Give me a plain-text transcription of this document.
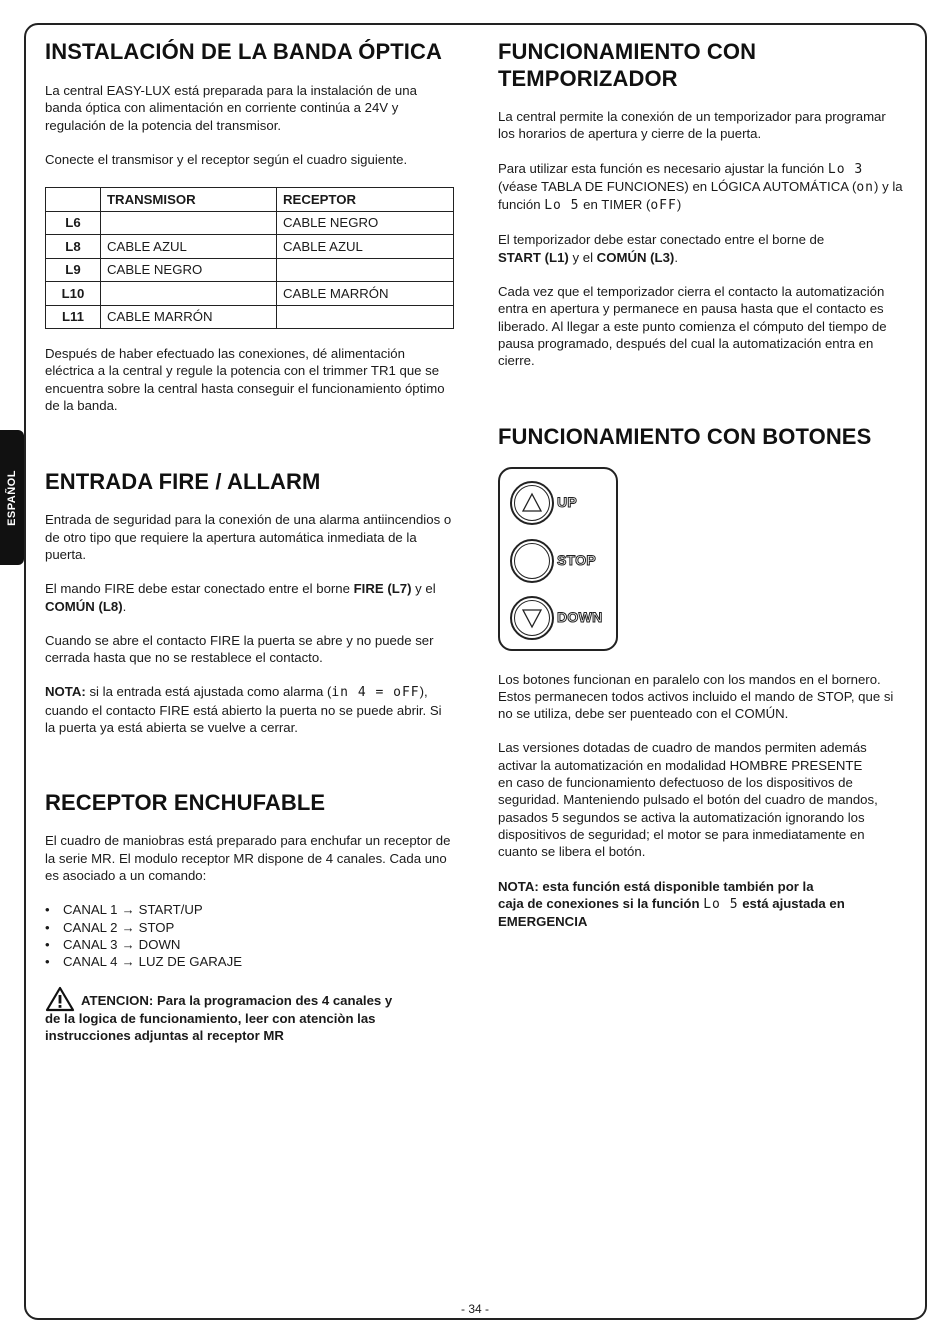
ESPAÑOL
INSTALACIÓN DE LA BANDA ÓPTICA

La central EASY-LUX está preparada para la instalación de una banda óptica con alimentación en corriente continúa a 24V y regulación de la potencia del transmisor.

Conecte el transmisor y el receptor según el cuadro siguiente.

	TRANSMISOR	RECEPTOR
L6		CABLE NEGRO
L8	CABLE AZUL	CABLE AZUL
L9	CABLE NEGRO	
L10		CABLE MARRÓN
L11	CABLE MARRÓN	

Después de haber efectuado las conexiones, dé alimentación eléctrica a la central y regule la potencia con el trimmer TR1 que se encuentra sobre la central hasta conseguir el funcionamiento óptimo de la banda.

ENTRADA FIRE / ALLARM

Entrada de seguridad para la conexión de una alarma antiincendios o de otro tipo que requiere la apertura automática inmediata de la puerta.

El mando FIRE debe estar conectado entre el borne FIRE (L7) y el COMÚN (L8).

Cuando se abre el contacto FIRE la puerta se abre y no puede ser cerrada hasta que no se restablece el contacto.

NOTA: si la entrada está ajustada como alarma (in 4 = oFF), cuando el contacto FIRE está abierto la puerta no se puede abrir. Si la puerta ya está abierta se vuelve a cerrar.

RECEPTOR ENCHUFABLE

El cuadro de maniobras está preparado para enchufar un receptor de la serie MR. El modulo receptor MR dispone de 4 canales. Cada uno es asociado a un comando:

•	CANAL 1 → START/UP
•	CANAL 2 → STOP
•	CANAL 3 → DOWN
•	CANAL 4 → LUZ DE GARAJE

ATENCION: Para la programacion des 4 canales y

de la logica de funcionamiento, leer con atenciòn las

instrucciones adjuntas al receptor MR

FUNCIONAMIENTO CON
TEMPORIZADOR

La central permite la conexión de un temporizador para programar los horarios de apertura y cierre de la puerta.

Para utilizar esta función es necesario ajustar la función Lo 3 (véase TABLA DE FUNCIONES) en LÓGICA AUTOMÁTICA (on) y la función Lo 5 en TIMER (oFF)

El temporizador debe estar conectado entre el borne de
START (L1) y el COMÚN (L3).

Cada vez que el temporizador cierra el contacto la automatización entra en apertura y permanece en pausa hasta que el contacto es liberado. Al llegar a este punto comienza el cómputo del tiempo de pausa programado, después del cual la automatización entra en cierre.

FUNCIONAMIENTO CON BOTONES
UP
STOP
DOWN

Los botones funcionan en paralelo con los mandos en el bornero. Estos permanecen todos activos incluido el mando de STOP, que si no se utiliza, debe ser puenteado con el COMÚN.

Las versiones dotadas de cuadro de mandos permiten además
activar la automatización en modalidad HOMBRE PRESENTE
en caso de funcionamiento defectuoso de los dispositivos de seguridad. Manteniendo pulsado el botón del cuadro de mandos, pasados 5 segundos se activa la automatización ignorando los dispositivos de seguridad; el motor se para inmediatamente en cuanto se libera el botón.

NOTA: esta función está disponible también por la
caja de conexiones si la función Lo 5 está ajustada en
EMERGENCIA

- 34 -
